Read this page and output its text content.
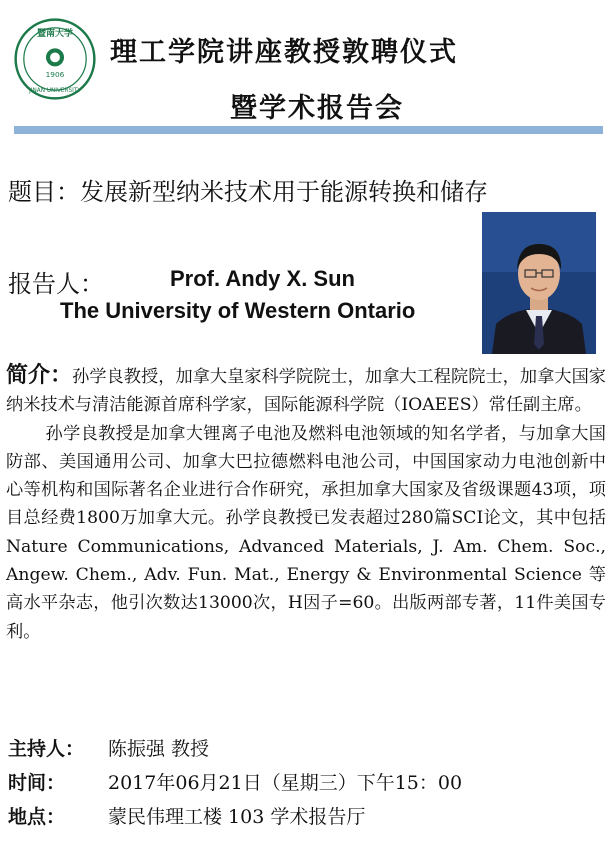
暨南大学
1906
JINAN UNIVERSITY
理工学院讲座教授敦聘仪式
暨学术报告会
题目：发展新型纳米技术用于能源转换和储存
报告人：	Prof. Andy X. Sun
The University of Western Ontario

简介：孙学良教授，加拿大皇家科学院院士，加拿大工程院院士，加拿大国家纳米技术与清洁能源首席科学家，国际能源科学院（IOAEES）常任副主席。

孙学良教授是加拿大锂离子电池及燃料电池领域的知名学者，与加拿大国防部、美国通用公司、加拿大巴拉德燃料电池公司，中国国家动力电池创新中心等机构和国际著名企业进行合作研究，承担加拿大国家及省级课题43项，项目总经费1800万加拿大元。孙学良教授已发表超过280篇SCI论文，其中包括Nature Communications, Advanced Materials, J. Am. Chem. Soc., Angew. Chem., Adv. Fun. Mat., Energy & Environmental Science 等高水平杂志，他引次数达13000次，H因子=60。出版两部专著，11件美国专利。

主持人： 陈振强 教授
时间： 2017年06月21日（星期三）下午15：00
地点： 蒙民伟理工楼 103 学术报告厅
